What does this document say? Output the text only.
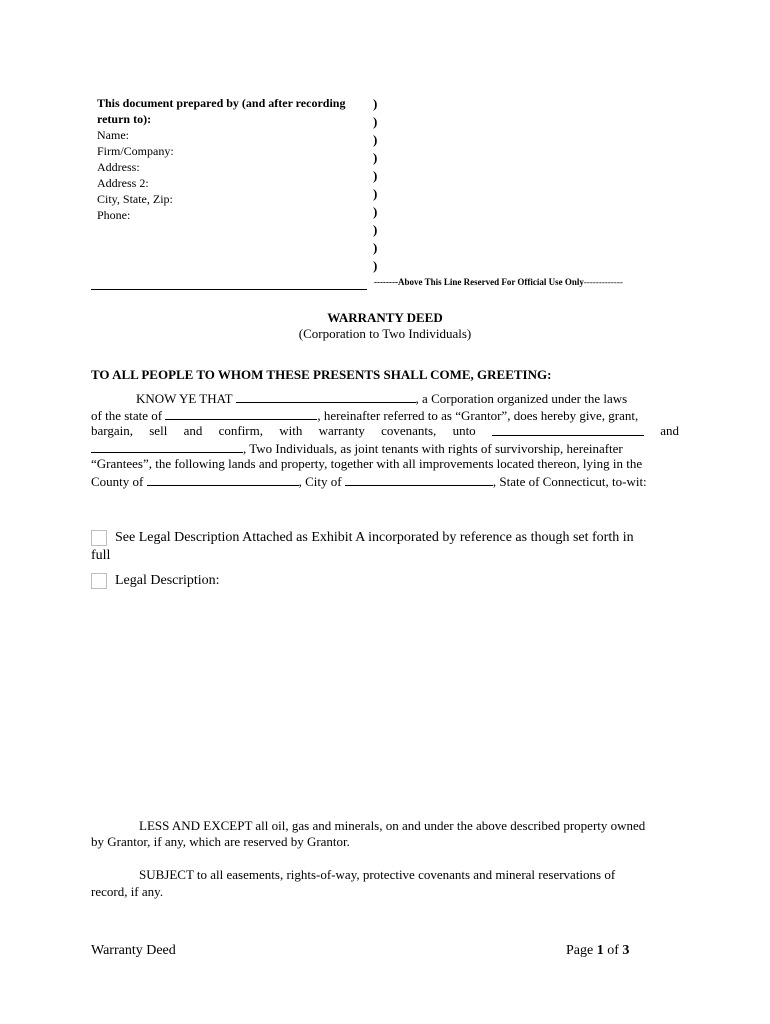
This document prepared by (and after recording
return to):
Name:
Firm/Company:
Address:
Address 2:
City, State, Zip:
Phone:
)
)
)
)
)
)
)
)
)
)
--------Above This Line Reserved For Official Use Only-------------
WARRANTY DEED
(Corporation to Two Individuals)
TO ALL PEOPLE TO WHOM THESE PRESENTS SHALL COME, GREETING:
KNOW YE THAT	, a Corporation organized under the laws
of the state of	, hereinafter referred to as “Grantor”, does hereby give, grant,
bargain, sell and confirm, with warranty covenants, unto	and
, Two Individuals, as joint tenants with rights of survivorship, hereinafter
“Grantees”, the following lands and property, together with all improvements located thereon, lying in the
County of	, City of	, State of Connecticut, to-wit:
See Legal Description Attached as Exhibit A incorporated by reference as though set forth in
full
Legal Description:
LESS AND EXCEPT all oil, gas and minerals, on and under the above described property owned
by Grantor, if any, which are reserved by Grantor.
SUBJECT to all easements, rights-of-way, protective covenants and mineral reservations of
record, if any.
Warranty Deed	Page 1 of 3
